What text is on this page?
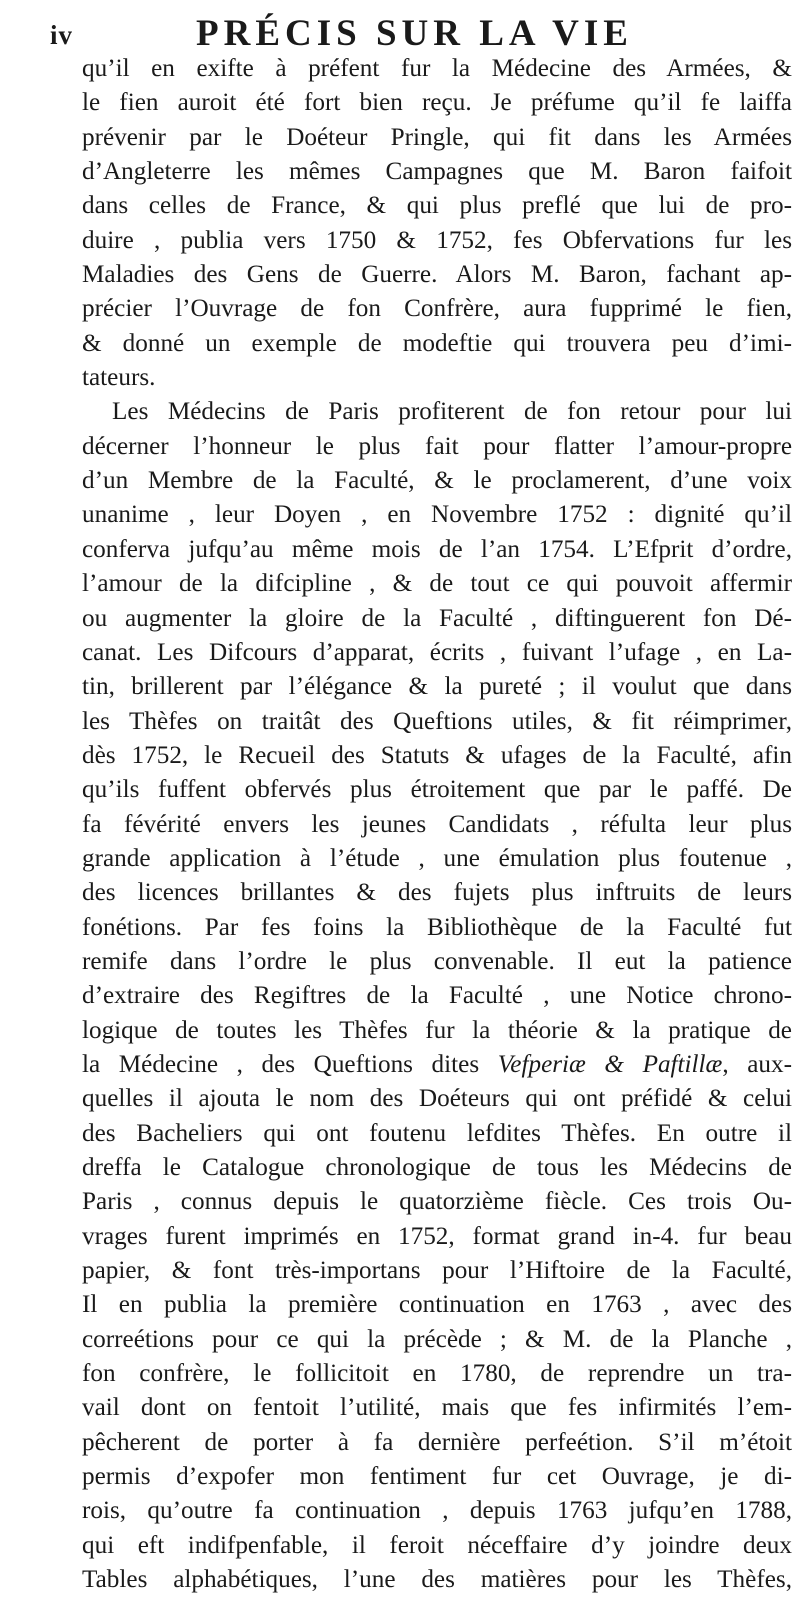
iv	PRÉCIS SUR LA VIE
qu’il en exifte à préfent fur la Médecine des Armées, &
le fien auroit été fort bien reçu. Je préfume qu’il fe laiffa
prévenir par le Doéteur Pringle, qui fit dans les Armées
d’Angleterre les mêmes Campagnes que M. Baron faifoit
dans celles de France, & qui plus preflé que lui de pro-
duire , publia vers 1750 & 1752, fes Obfervations fur les
Maladies des Gens de Guerre. Alors M. Baron, fachant ap-
précier l’Ouvrage de fon Confrère, aura fupprimé le fien,
& donné un exemple de modeftie qui trouvera peu d’imi-
tateurs.
Les Médecins de Paris profiterent de fon retour pour lui
décerner l’honneur le plus fait pour flatter l’amour-propre
d’un Membre de la Faculté, & le proclamerent, d’une voix
unanime , leur Doyen , en Novembre 1752 : dignité qu’il
conferva jufqu’au même mois de l’an 1754. L’Efprit d’ordre,
l’amour de la difcipline , & de tout ce qui pouvoit affermir
ou augmenter la gloire de la Faculté , diftinguerent fon Dé-
canat. Les Difcours d’apparat, écrits , fuivant l’ufage , en La-
tin, brillerent par l’élégance & la pureté ; il voulut que dans
les Thèfes on traitât des Queftions utiles, & fit réimprimer,
dès 1752, le Recueil des Statuts & ufages de la Faculté, afin
qu’ils fuffent obfervés plus étroitement que par le paffé. De
fa févérité envers les jeunes Candidats , réfulta leur plus
grande application à l’étude , une émulation plus foutenue ,
des licences brillantes & des fujets plus inftruits de leurs
fonétions. Par fes foins la Bibliothèque de la Faculté fut
remife dans l’ordre le plus convenable. Il eut la patience
d’extraire des Regiftres de la Faculté , une Notice chrono-
logique de toutes les Thèfes fur la théorie & la pratique de
la Médecine , des Queftions dites Vefperiæ & Paftillæ, aux-
quelles il ajouta le nom des Doéteurs qui ont préfidé & celui
des Bacheliers qui ont foutenu lefdites Thèfes. En outre il
dreffa le Catalogue chronologique de tous les Médecins de
Paris , connus depuis le quatorzième fiècle. Ces trois Ou-
vrages furent imprimés en 1752, format grand in-4. fur beau
papier, & font très-importans pour l’Hiftoire de la Faculté,
Il en publia la première continuation en 1763 , avec des
correétions pour ce qui la précède ; & M. de la Planche ,
fon confrère, le follicitoit en 1780, de reprendre un tra-
vail dont on fentoit l’utilité, mais que fes infirmités l’em-
pêcherent de porter à fa dernière perfeétion. S’il m’étoit
permis d’expofer mon fentiment fur cet Ouvrage, je di-
rois, qu’outre fa continuation , depuis 1763 jufqu’en 1788,
qui eft indifpenfable, il feroit néceffaire d’y joindre deux
Tables alphabétiques, l’une des matières pour les Thèfes,
